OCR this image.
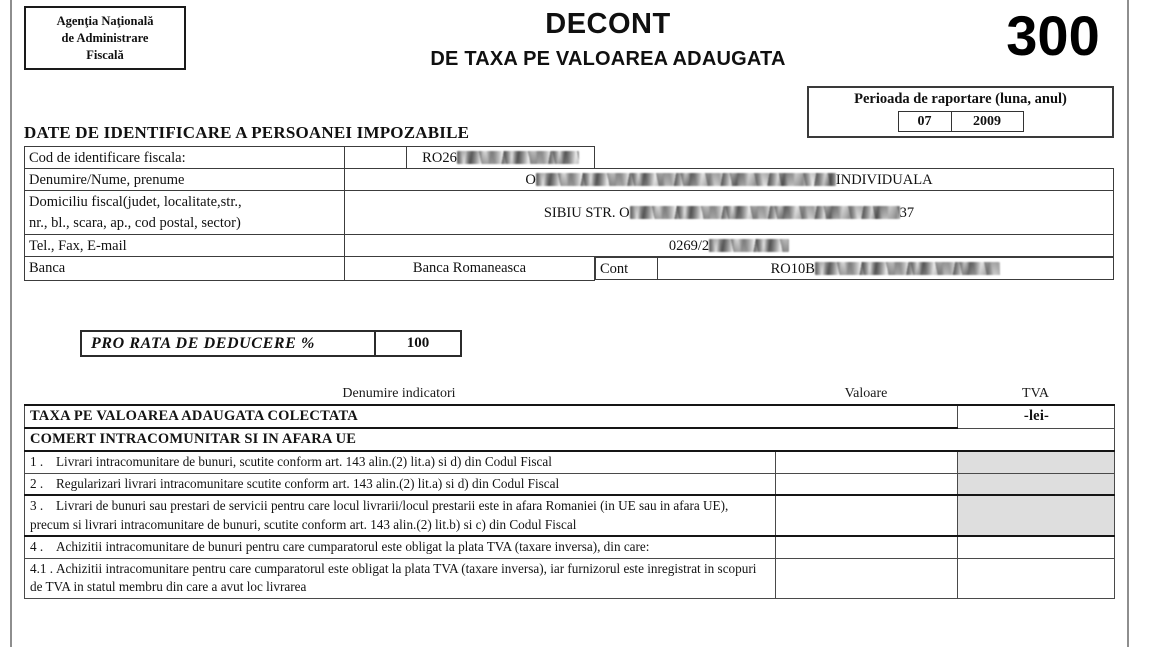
Agenţia Naţională
de Administrare
Fiscală
DECONT
DE TAXA PE VALOAREA ADAUGATA	300
Perioada de raportare (luna, anul)
07	2009
DATE DE IDENTIFICARE A PERSOANEI IMPOZABILE
Cod de identificare fiscala:		RO26	
Denumire/Nume, prenume	O	INDIVIDUALA
Domiciliu fiscal(judet, localitate,str.,	SIBIU STR. O	37
nr., bl., scara, ap., cod postal, sector)
Tel., Fax, E-mail	0269/2
Banca	Banca Romaneasca		Cont	RO10B
PRO RATA DE DEDUCERE %	100
Denumire indicatori	Valoare	TVA
TAXA PE VALOAREA ADAUGATA COLECTATA		-lei-
COMERT INTRACOMUNITAR SI IN AFARA UE		
1 . Livrari intracomunitare de bunuri, scutite conform art. 143 alin.(2) lit.a) si d) din Codul Fiscal		
2 . Regularizari livrari intracomunitare scutite conform art. 143 alin.(2) lit.a) si d) din Codul Fiscal		
3 . Livrari de bunuri sau prestari de servicii pentru care locul livrarii/locul prestarii este in afara Romaniei (in UE sau in afara UE), precum si livrari intracomunitare de bunuri, scutite conform art. 143 alin.(2) lit.b) si c) din Codul Fiscal		
4 . Achizitii intracomunitare de bunuri pentru care cumparatorul este obligat la plata TVA (taxare inversa), din care:		
4.1 . Achizitii intracomunitare pentru care cumparatorul este obligat la plata TVA (taxare inversa), iar furnizorul este inregistrat in scopuri de TVA in statul membru din care a avut loc livrarea		
